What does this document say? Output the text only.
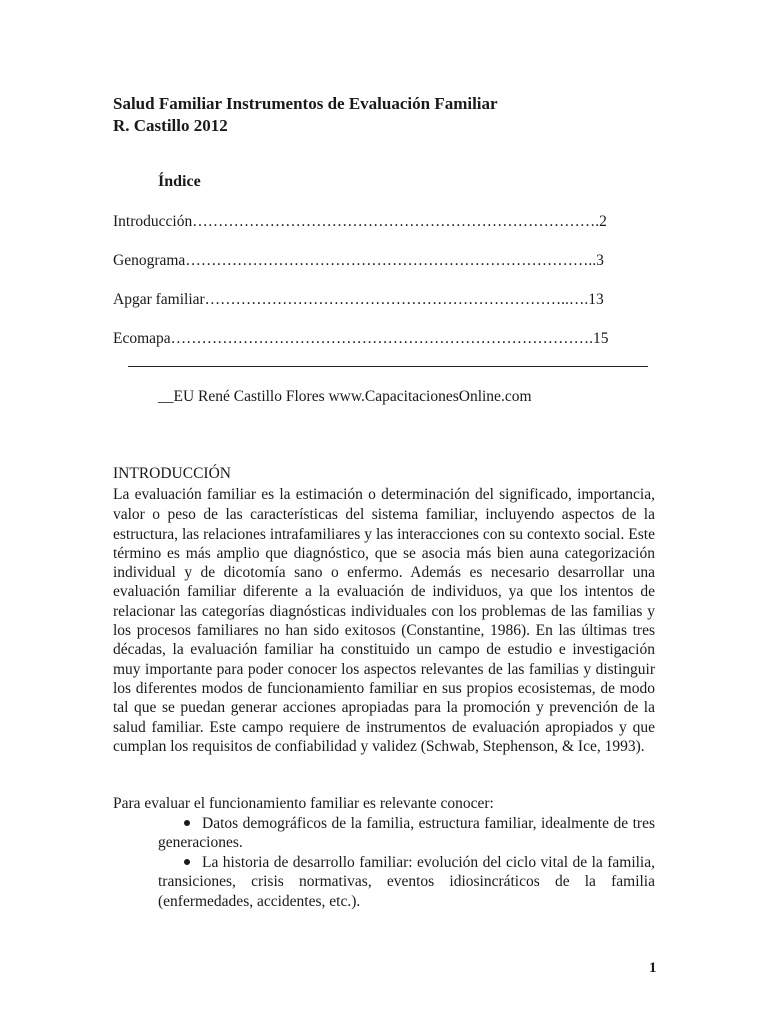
Salud Familiar Instrumentos de Evaluación Familiar
R. Castillo 2012
Índice
Introducción…………………………………………………………………….2
Genograma……………………………………………………………………..3
Apgar familiar……………………………………………………………..….13
Ecomapa……………………………………………………………………….15
__EU René Castillo Flores www.CapacitacionesOnline.com
INTRODUCCIÓN
La evaluación familiar es la estimación o determinación del significado, importancia, valor o peso de las características del sistema familiar, incluyendo aspectos de la estructura, las relaciones intrafamiliares y las interacciones con su contexto social. Este término es más amplio que diagnóstico, que se asocia más bien auna categorización individual y de dicotomía sano o enfermo. Además es necesario desarrollar una evaluación familiar diferente a la evaluación de individuos, ya que los intentos de relacionar las categorías diagnósticas individuales con los problemas de las familias y los procesos familiares no han sido exitosos (Constantine, 1986). En las últimas tres décadas, la evaluación familiar ha constituido un campo de estudio e investigación muy importante para poder conocer los aspectos relevantes de las familias y distinguir los diferentes modos de funcionamiento familiar en sus propios ecosistemas, de modo tal que se puedan generar acciones apropiadas para la promoción y prevención de la salud familiar. Este campo requiere de instrumentos de evaluación apropiados y que cumplan los requisitos de confiabilidad y validez (Schwab, Stephenson, & Ice, 1993).
Para evaluar el funcionamiento familiar es relevante conocer:
Datos demográficos de la familia, estructura familiar, idealmente de tres generaciones.
La historia de desarrollo familiar: evolución del ciclo vital de la familia, transiciones, crisis normativas, eventos idiosincráticos de la familia (enfermedades, accidentes, etc.).
1
